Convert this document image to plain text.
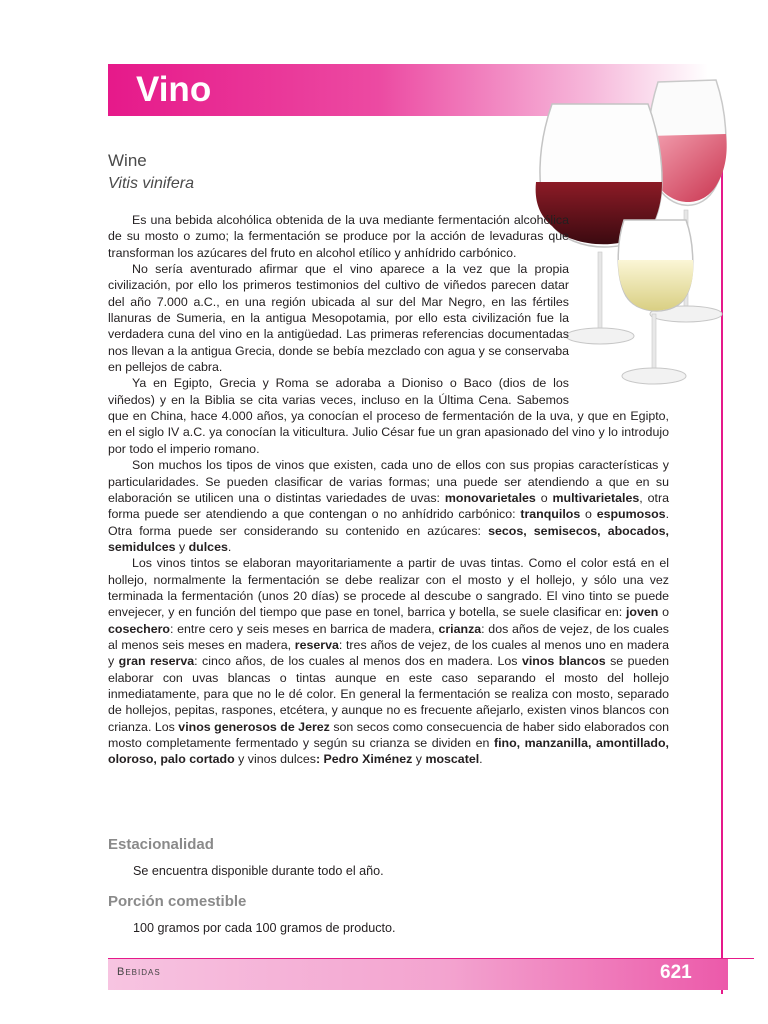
Vino
Wine
Vitis vinifera

Es una bebida alcohólica obtenida de la uva mediante fermentación alcohólica de su mosto o zumo; la fermentación se produce por la acción de levaduras que transforman los azúcares del fruto en alcohol etílico y anhídrido carbónico.

No sería aventurado afirmar que el vino aparece a la vez que la propia civilización, por ello los primeros testimonios del cultivo de viñedos parecen datar del año 7.000 a.C., en una región ubicada al sur del Mar Negro, en las fértiles llanuras de Sumeria, en la antigua Mesopotamia, por ello esta civilización fue la verdadera cuna del vino en la antigüedad. Las primeras referencias documentadas nos llevan a la antigua Grecia, donde se bebía mezclado con agua y se conservaba en pellejos de cabra.

Ya en Egipto, Grecia y Roma se adoraba a Dioniso o Baco (dios de los viñedos) y en la Biblia se cita varias veces, incluso en la Última Cena. Sabemos que en China, hace 4.000 años, ya conocían el proceso de fermentación de la uva, y que en Egipto, en el siglo IV a.C. ya conocían la viticultura. Julio César fue un gran apasionado del vino y lo introdujo por todo el imperio romano.

Son muchos los tipos de vinos que existen, cada uno de ellos con sus propias características y particularidades. Se pueden clasificar de varias formas; una puede ser atendiendo a que en su elaboración se utilicen una o distintas variedades de uvas: monovarietales o multivarietales, otra forma puede ser atendiendo a que contengan o no anhídrido carbónico: tranquilos o espumosos. Otra forma puede ser considerando su contenido en azúcares: secos, semisecos, abocados, semidulces y dulces.

Los vinos tintos se elaboran mayoritariamente a partir de uvas tintas. Como el color está en el hollejo, normalmente la fermentación se debe realizar con el mosto y el hollejo, y sólo una vez terminada la fermentación (unos 20 días) se procede al descube o sangrado. El vino tinto se puede envejecer, y en función del tiempo que pase en tonel, barrica y botella, se suele clasificar en: joven o cosechero: entre cero y seis meses en barrica de madera, crianza: dos años de vejez, de los cuales al menos seis meses en madera, reserva: tres años de vejez, de los cuales al menos uno en madera y gran reserva: cinco años, de los cuales al menos dos en madera. Los vinos blancos se pueden elaborar con uvas blancas o tintas aunque en este caso separando el mosto del hollejo inmediatamente, para que no le dé color. En general la fermentación se realiza con mosto, separado de hollejos, pepitas, raspones, etcétera, y aunque no es frecuente añejarlo, existen vinos blancos con crianza. Los vinos generosos de Jerez son secos como consecuencia de haber sido elaborados con mosto completamente fermentado y según su crianza se dividen en fino, manzanilla, amontillado, oloroso, palo cortado y vinos dulces: Pedro Ximénez y moscatel.

Estacionalidad
Se encuentra disponible durante todo el año.
Porción comestible
100 gramos por cada 100 gramos de producto.
Bebidas	621
